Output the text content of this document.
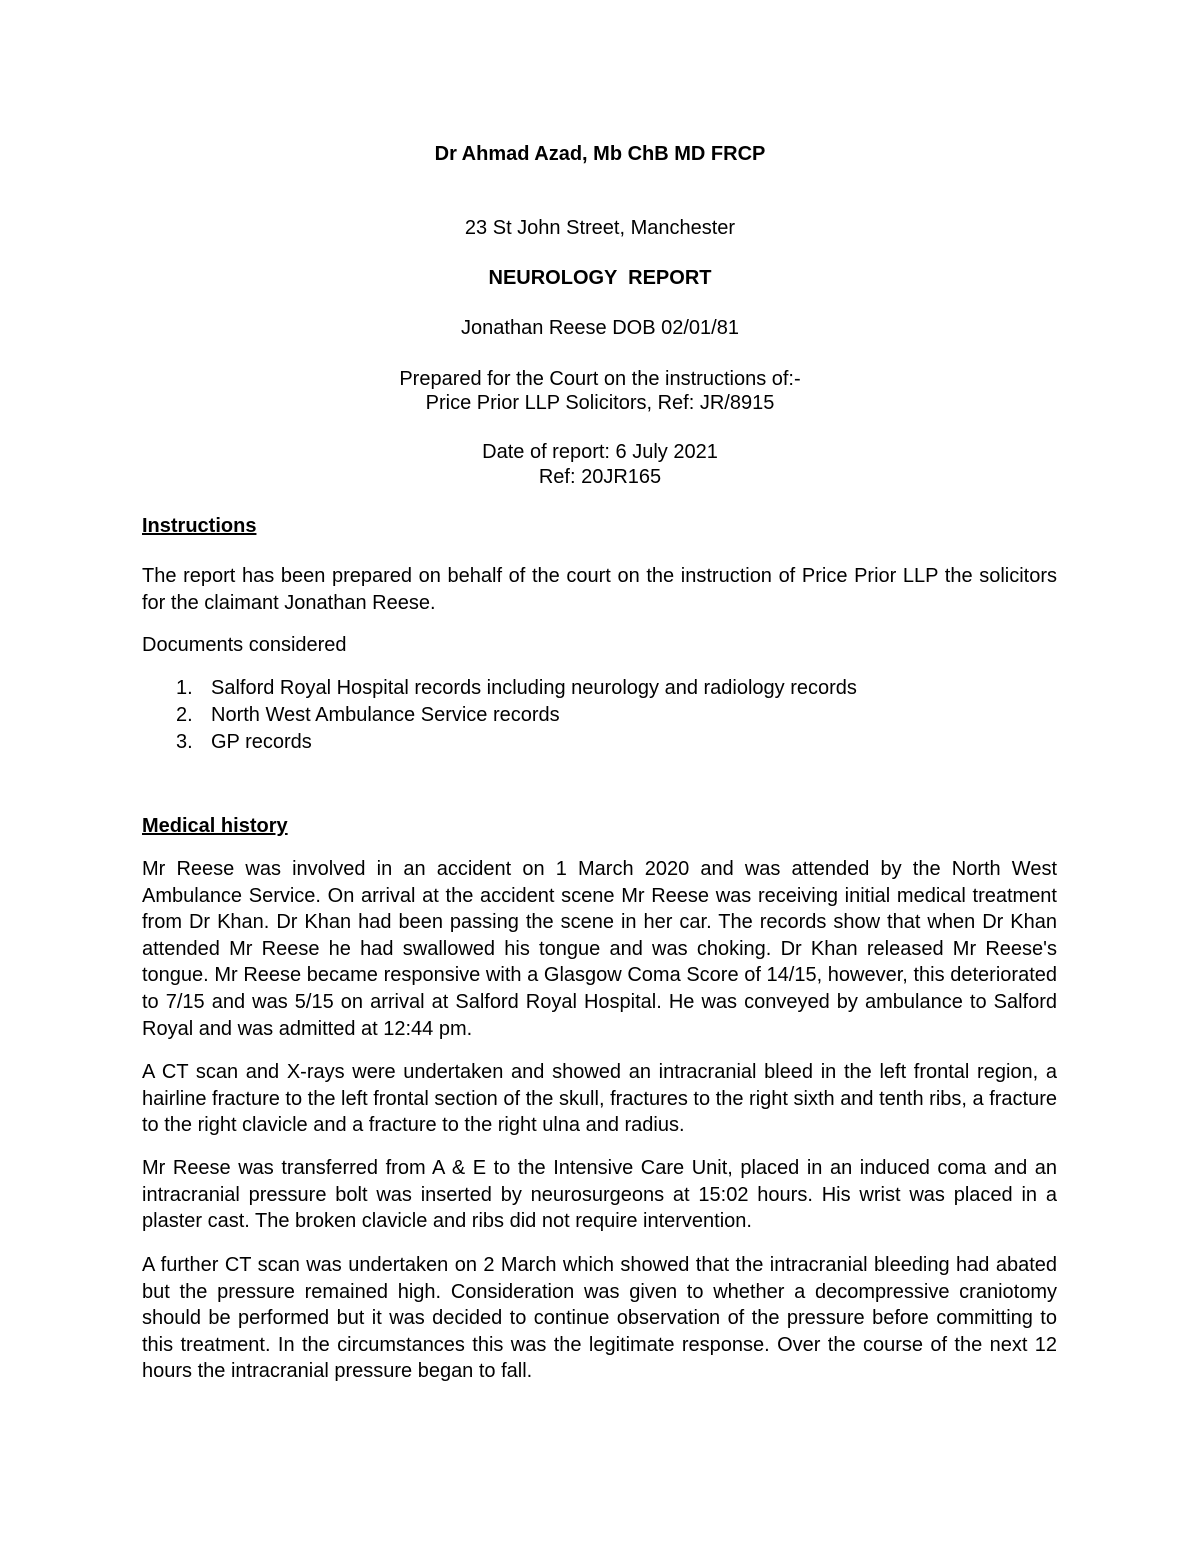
Dr Ahmad Azad, Mb ChB MD FRCP
23 St John Street, Manchester
NEUROLOGY  REPORT
Jonathan Reese DOB 02/01/81
Prepared for the Court on the instructions of:-
Price Prior LLP Solicitors, Ref: JR/8915
Date of report: 6 July 2021
Ref: 20JR165
Instructions
The report has been prepared on behalf of the court on the instruction of Price Prior LLP the solicitors for the claimant Jonathan Reese.
Documents considered
1. Salford Royal Hospital records including neurology and radiology records
2. North West Ambulance Service records
3. GP records
Medical history
Mr Reese was involved in an accident on 1 March 2020 and was attended by the North West Ambulance Service. On arrival at the accident scene Mr Reese was receiving initial medical treatment from Dr Khan. Dr Khan had been passing the scene in her car. The records show that when Dr Khan attended Mr Reese he had swallowed his tongue and was choking. Dr Khan released Mr Reese's tongue. Mr Reese became responsive with a Glasgow Coma Score of 14/15, however, this deteriorated to 7/15 and was 5/15 on arrival at Salford Royal Hospital. He was conveyed by ambulance to Salford Royal and was admitted at 12:44 pm.
A CT scan and X-rays were undertaken and showed an intracranial bleed in the left frontal region, a hairline fracture to the left frontal section of the skull, fractures to the right sixth and tenth ribs, a fracture to the right clavicle and a fracture to the right ulna and radius.
Mr Reese was transferred from A & E to the Intensive Care Unit, placed in an induced coma and an intracranial pressure bolt was inserted by neurosurgeons at 15:02 hours. His wrist was placed in a plaster cast. The broken clavicle and ribs did not require intervention.
A further CT scan was undertaken on 2 March which showed that the intracranial bleeding had abated but the pressure remained high. Consideration was given to whether a decompressive craniotomy should be performed but it was decided to continue observation of the pressure before committing to this treatment. In the circumstances this was the legitimate response. Over the course of the next 12 hours the intracranial pressure began to fall.
